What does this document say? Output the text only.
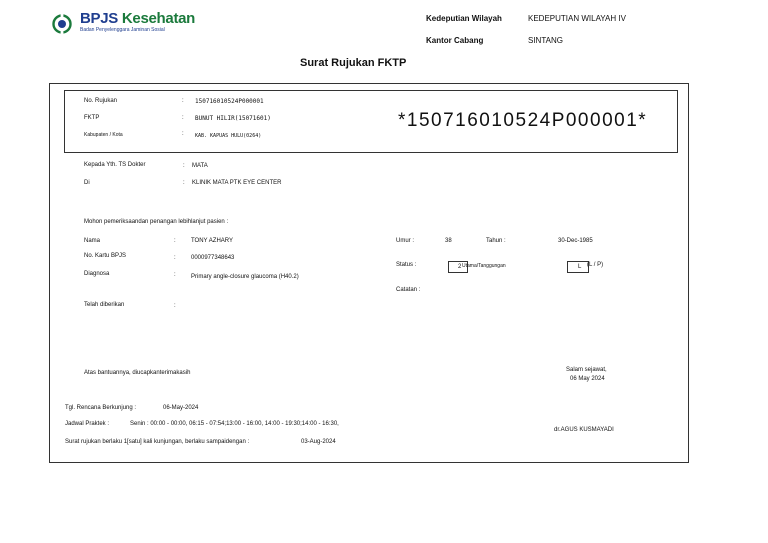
BPJS Kesehatan
Badan Penyelenggara Jaminan Sosial
Kedeputian Wilayah	KEDEPUTIAN WILAYAH IV
Kantor Cabang	SINTANG
Surat Rujukan FKTP
No. Rujukan	: 150716010524P000001
FKTP	: BUNUT HILIR(15071601)
Kabupaten / Kota	: KAB. KAPUAS HULU(0264)
*150716010524P000001*
Kepada Yth. TS Dokter	: MATA
Di	: KLINIK MATA PTK EYE CENTER
Mohon pemeriksaandan penangan lebihlanjut pasien :
Nama	:	TONY AZHARY
No. Kartu BPJS	:	0000977348643
Diagnosa	:	Primary angle-closure glaucoma (H40.2)
Telah diberikan	:
Umur :	38	Tahun :	30-Dec-1985
Status :	2 Utama/Tanggungan	L (L / P)
Catatan :
Atas bantuannya, diucapkanterimakasih	Salam sejawat,
06 May 2024
dr.AGUS KUSMAYADI
Tgl. Rencana Berkunjung :	06-May-2024
Jadwal Praktek :	Senin : 00:00 - 00:00, 06:15 - 07:54;13:00 - 16:00, 14:00 - 19:30;14:00 - 16:30,
Surat rujukan berlaku 1[satu] kali kunjungan, berlaku sampaidengan :	03-Aug-2024
